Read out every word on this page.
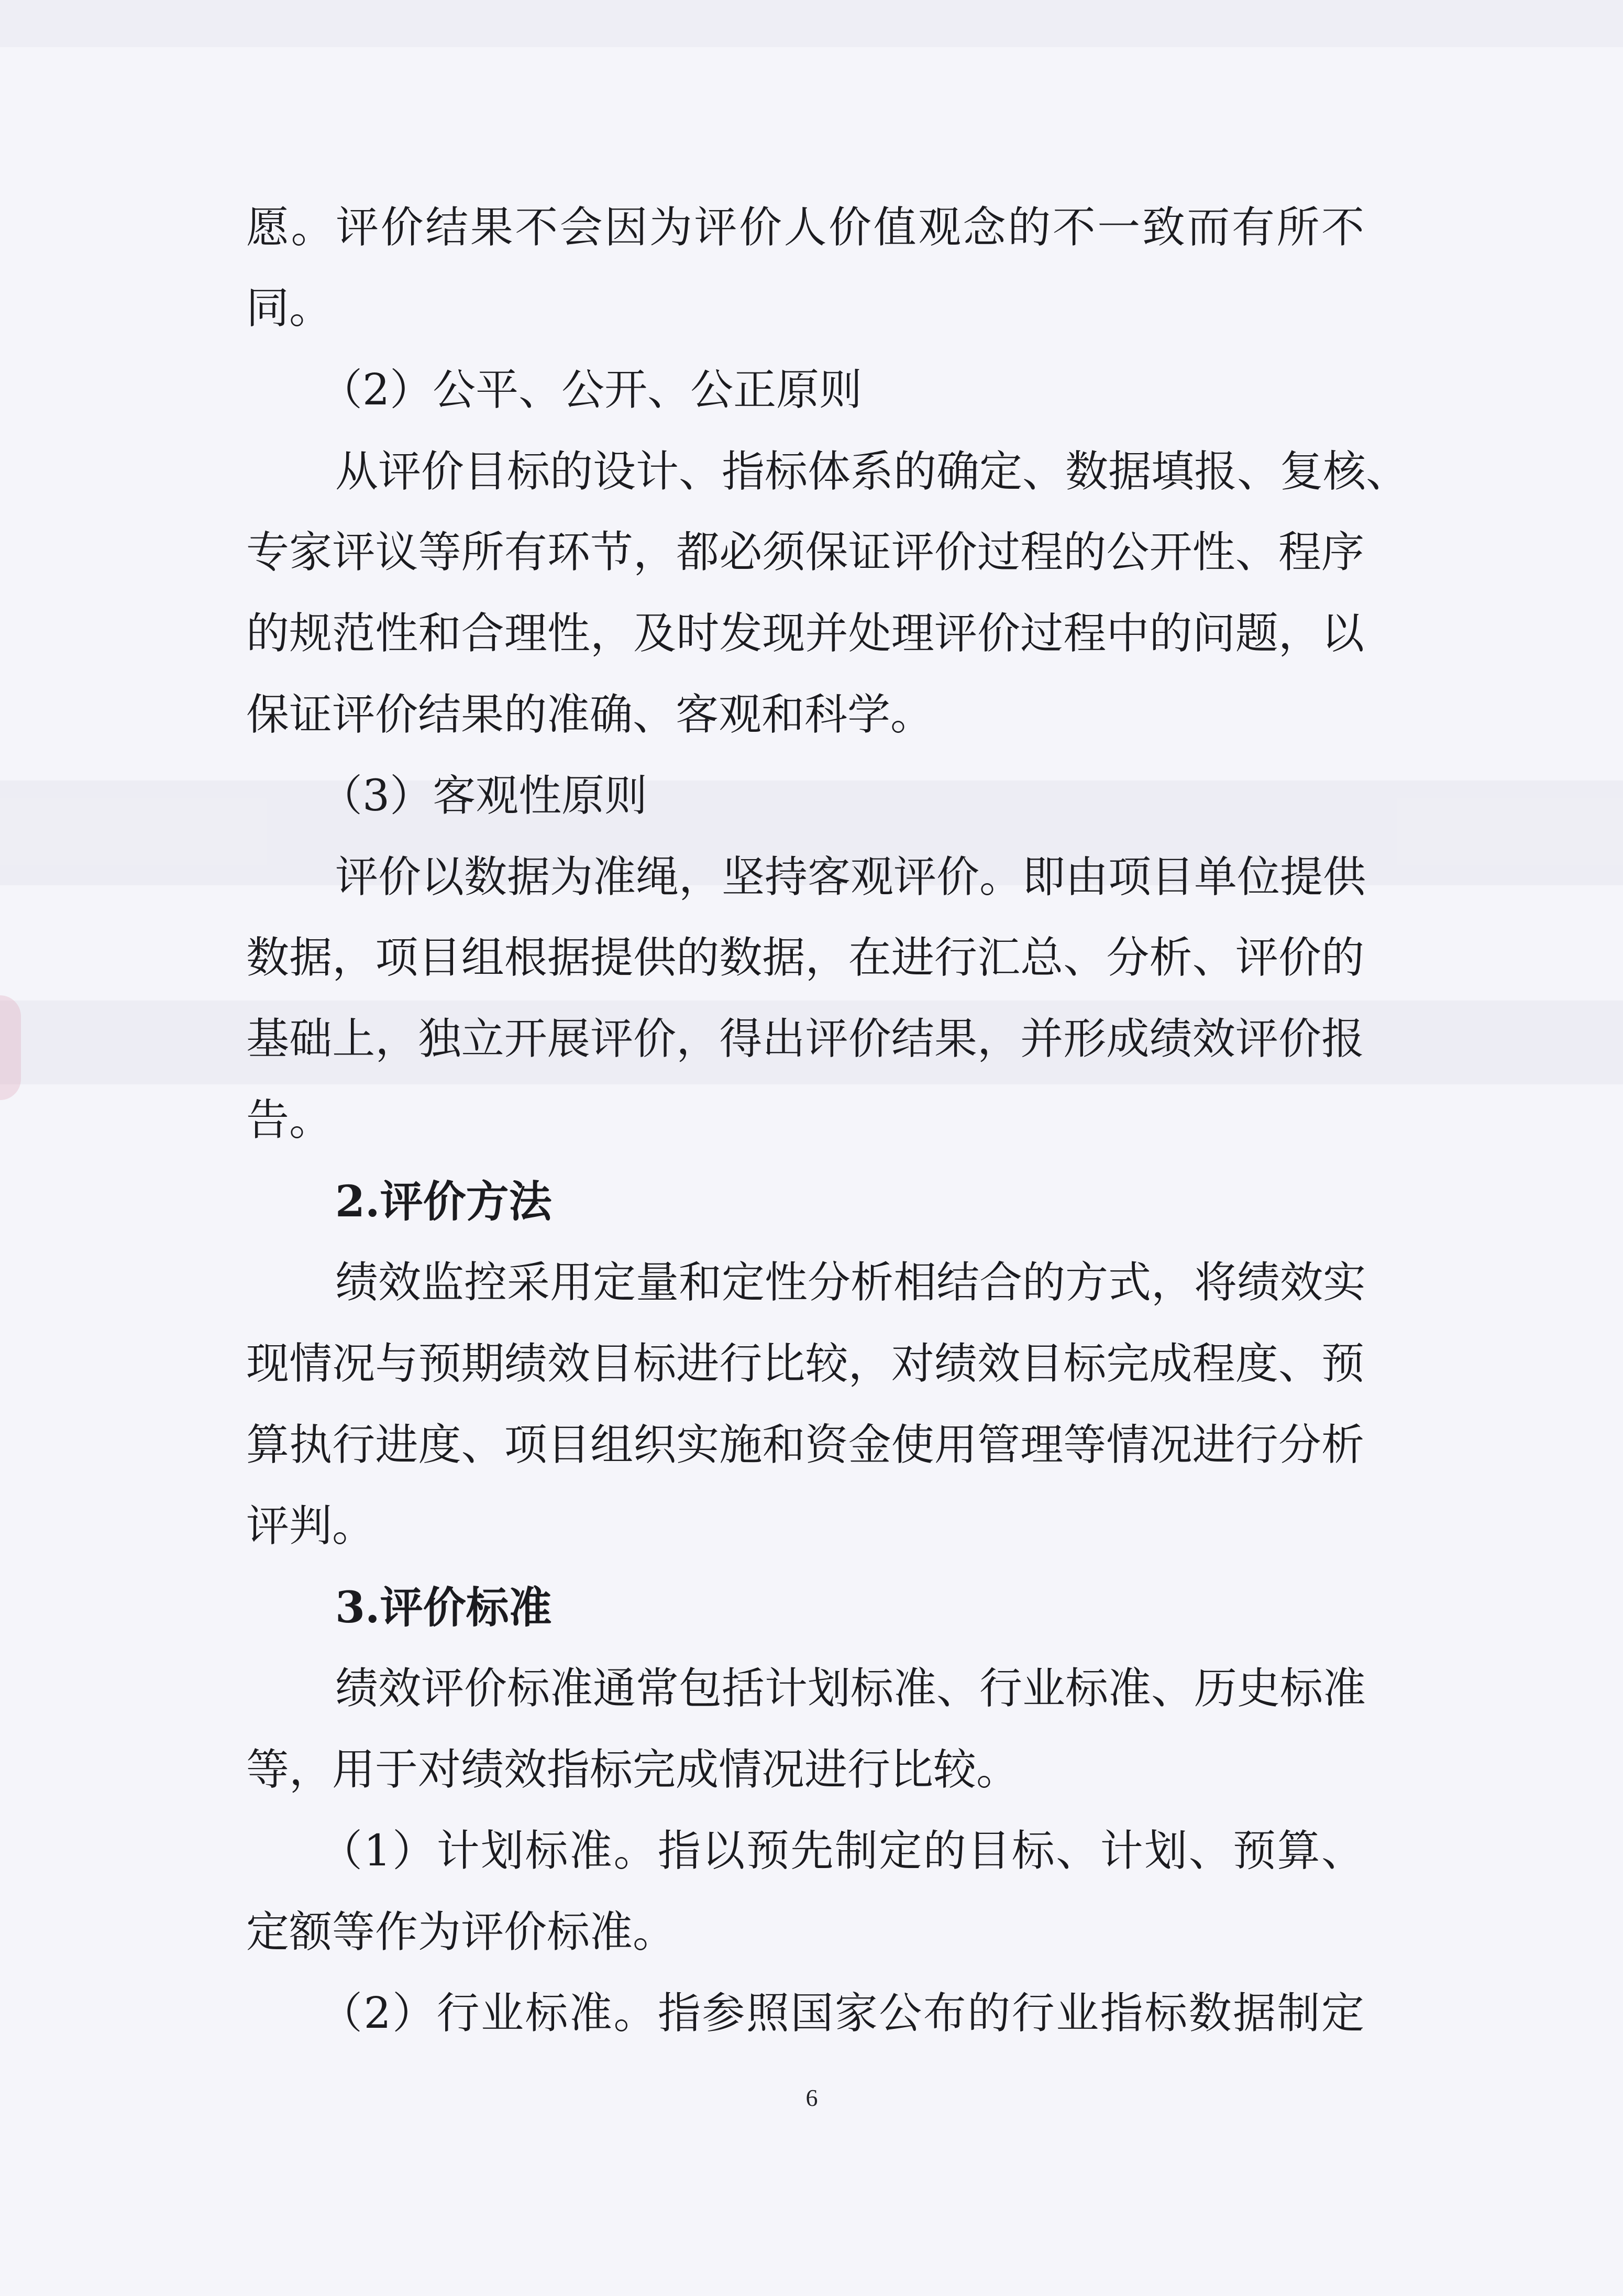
愿。评价结果不会因为评价人价值观念的不一致而有所不
同。
（2）公平、公开、公正原则
从评价目标的设计、指标体系的确定、数据填报、复核、
专家评议等所有环节，都必须保证评价过程的公开性、程序
的规范性和合理性，及时发现并处理评价过程中的问题，以
保证评价结果的准确、客观和科学。
（3）客观性原则
评价以数据为准绳，坚持客观评价。即由项目单位提供
数据，项目组根据提供的数据，在进行汇总、分析、评价的
基础上，独立开展评价，得出评价结果，并形成绩效评价报
告。
2.评价方法
绩效监控采用定量和定性分析相结合的方式，将绩效实
现情况与预期绩效目标进行比较，对绩效目标完成程度、预
算执行进度、项目组织实施和资金使用管理等情况进行分析
评判。
3.评价标准
绩效评价标准通常包括计划标准、行业标准、历史标准
等，用于对绩效指标完成情况进行比较。
（1）计划标准。指以预先制定的目标、计划、预算、
定额等作为评价标准。
（2）行业标准。指参照国家公布的行业指标数据制定
6
